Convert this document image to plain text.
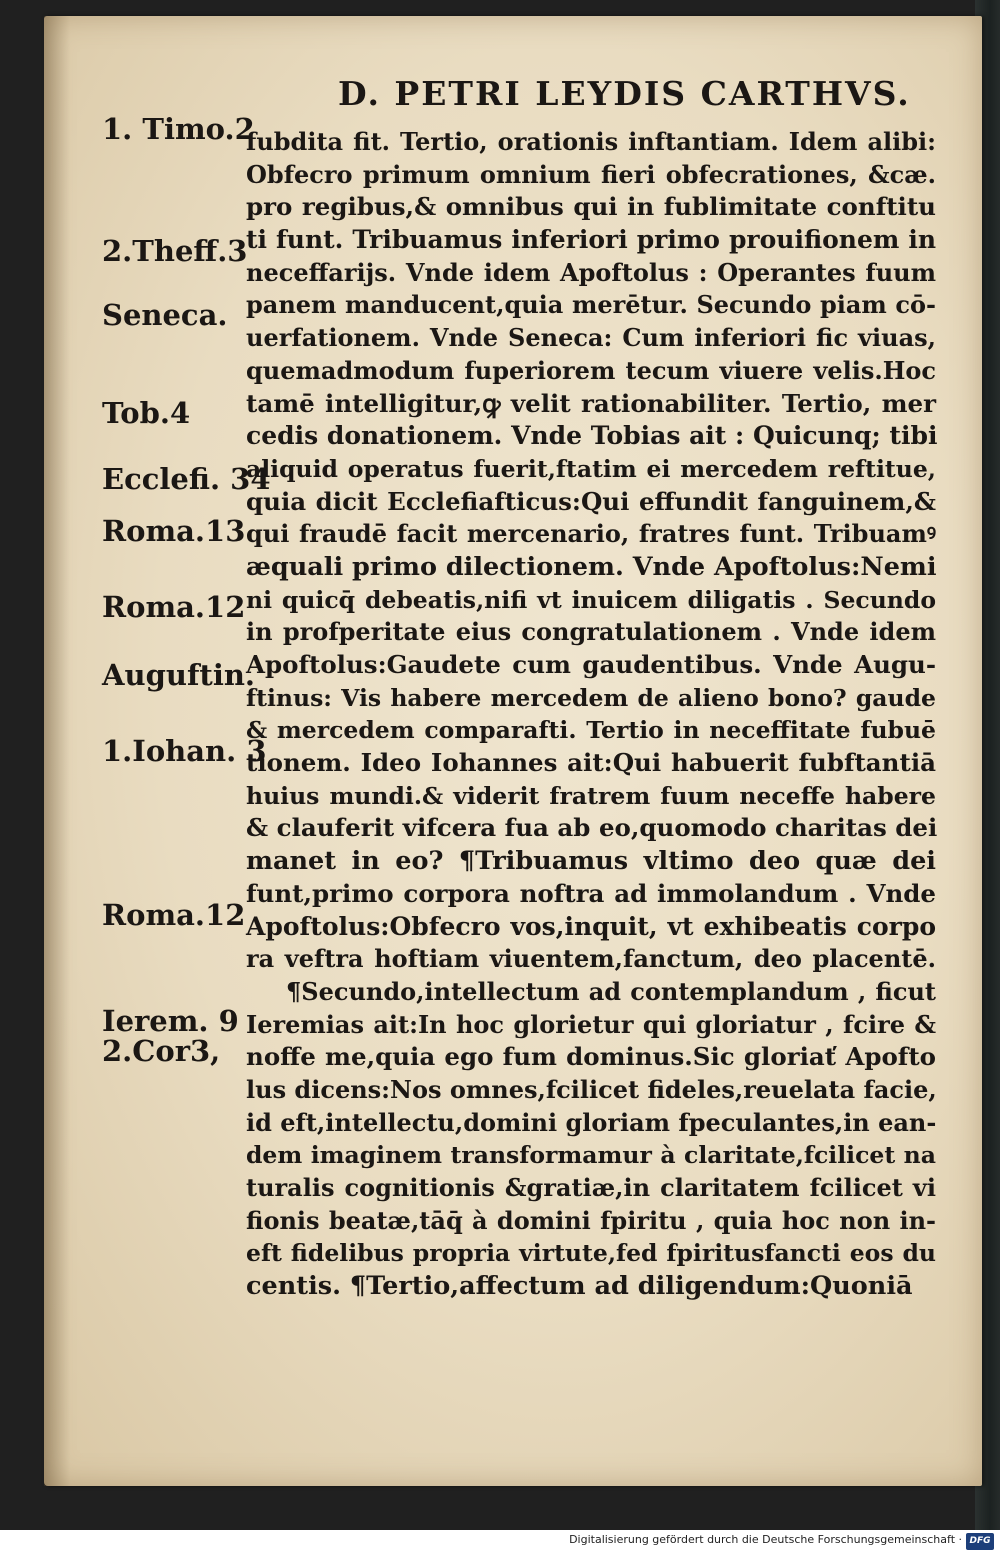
D. PETRI LEYDIS CARTHVS.
1. Timo.2
2.Theff.3
Seneca.
Tob.4
Ecclefi. 34
Roma.13
Roma.12
Auguftin.
1.Iohan. 3
Roma.12
Ierem. 9
2.Cor3,
fubdita fit. Tertio, orationis inftantiam. Idem alibi:
Obfecro primum omnium fieri obfecrationes, &cæ.
pro regibus,& omnibus qui in fublimitate conftitu
ti funt. Tribuamus inferiori primo prouifionem in
neceffarijs. Vnde idem Apoftolus : Operantes fuum
panem manducent,quia merētur. Secundo piam cō-
uerfationem. Vnde Seneca: Cum inferiori fic viuas,
quemadmodum fuperiorem tecum viuere velis.Hoc
tamē intelligitur,ꝙ velit rationabiliter. Tertio, mer
cedis donationem. Vnde Tobias ait : Quicunq; tibi
aliquid operatus fuerit,ftatim ei mercedem reftitue,
quia dicit Ecclefiafticus:Qui effundit fanguinem,&
qui fraudē facit mercenario, fratres funt. Tribuamꝰ
æquali primo dilectionem. Vnde Apoftolus:Nemi
ni quicq̄ debeatis,nifi vt inuicem diligatis . Secundo
in profperitate eius congratulationem . Vnde idem
Apoftolus:Gaudete cum gaudentibus. Vnde Augu-
ftinus: Vis habere mercedem de alieno bono? gaude
& mercedem comparafti. Tertio in neceffitate fubuē
tionem. Ideo Iohannes ait:Qui habuerit fubftantiā
huius mundi.& viderit fratrem fuum neceffe habere
& clauferit vifcera fua ab eo,quomodo charitas dei
manet in eo? ¶Tribuamus vltimo deo quæ dei
funt,primo corpora noftra ad immolandum . Vnde
Apoftolus:Obfecro vos,inquit, vt exhibeatis corpo
ra veftra hoftiam viuentem,fanctum, deo placentē.
¶Secundo,intellectum ad contemplandum , ficut
Ieremias ait:In hoc glorietur qui gloriatur , fcire &
noffe me,quia ego fum dominus.Sic gloriať Apofto
lus dicens:Nos omnes,fcilicet fideles,reuelata facie,
id eft,intellectu,domini gloriam fpeculantes,in ean-
dem imaginem transformamur à claritate,fcilicet na
turalis cognitionis &gratiæ,in claritatem fcilicet vi
fionis beatæ,tāq̄ à domini fpiritu , quia hoc non in-
eft fidelibus propria virtute,fed fpiritusfancti eos du
centis. ¶Tertio,affectum ad diligendum:Quoniā
Digitalisierung gefördert durch die Deutsche Forschungsgemeinschaft · DFG
